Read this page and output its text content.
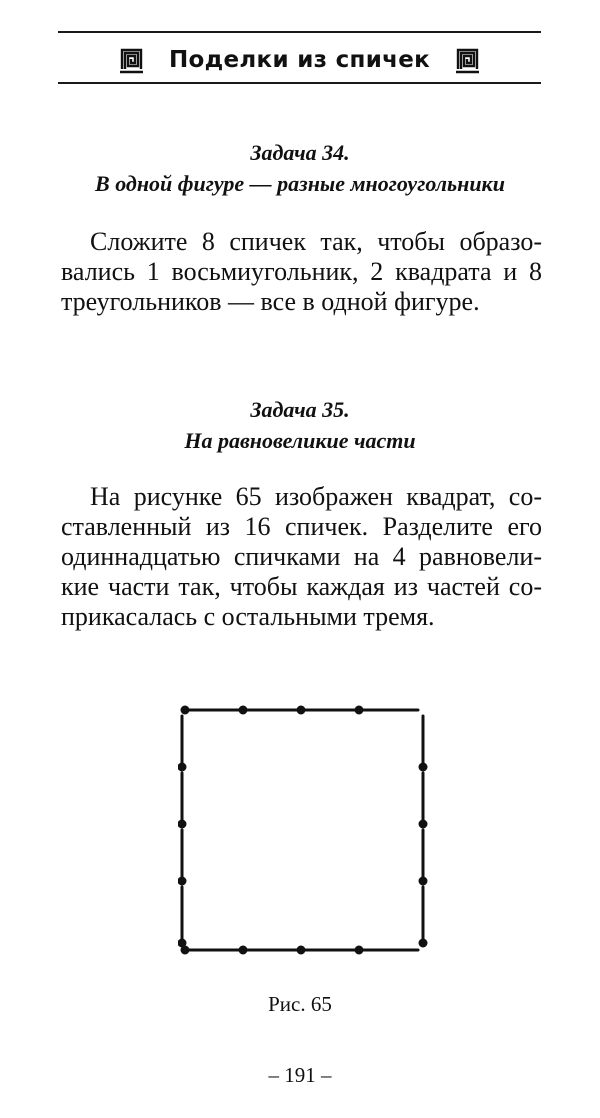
Поделки из спичек
Задача 34.
В одной фигуре — разные многоугольники
Сложите 8 спичек так, чтобы образо-
вались 1 восьмиугольник, 2 квадрата и 8
треугольников — все в одной фигуре.
Задача 35.
На равновеликие части
На рисунке 65 изображен квадрат, со-
ставленный из 16 спичек. Разделите его
одиннадцатью спичками на 4 равновели-
кие части так, чтобы каждая из частей со-
прикасалась с остальными тремя.
Рис. 65
– 191 –
